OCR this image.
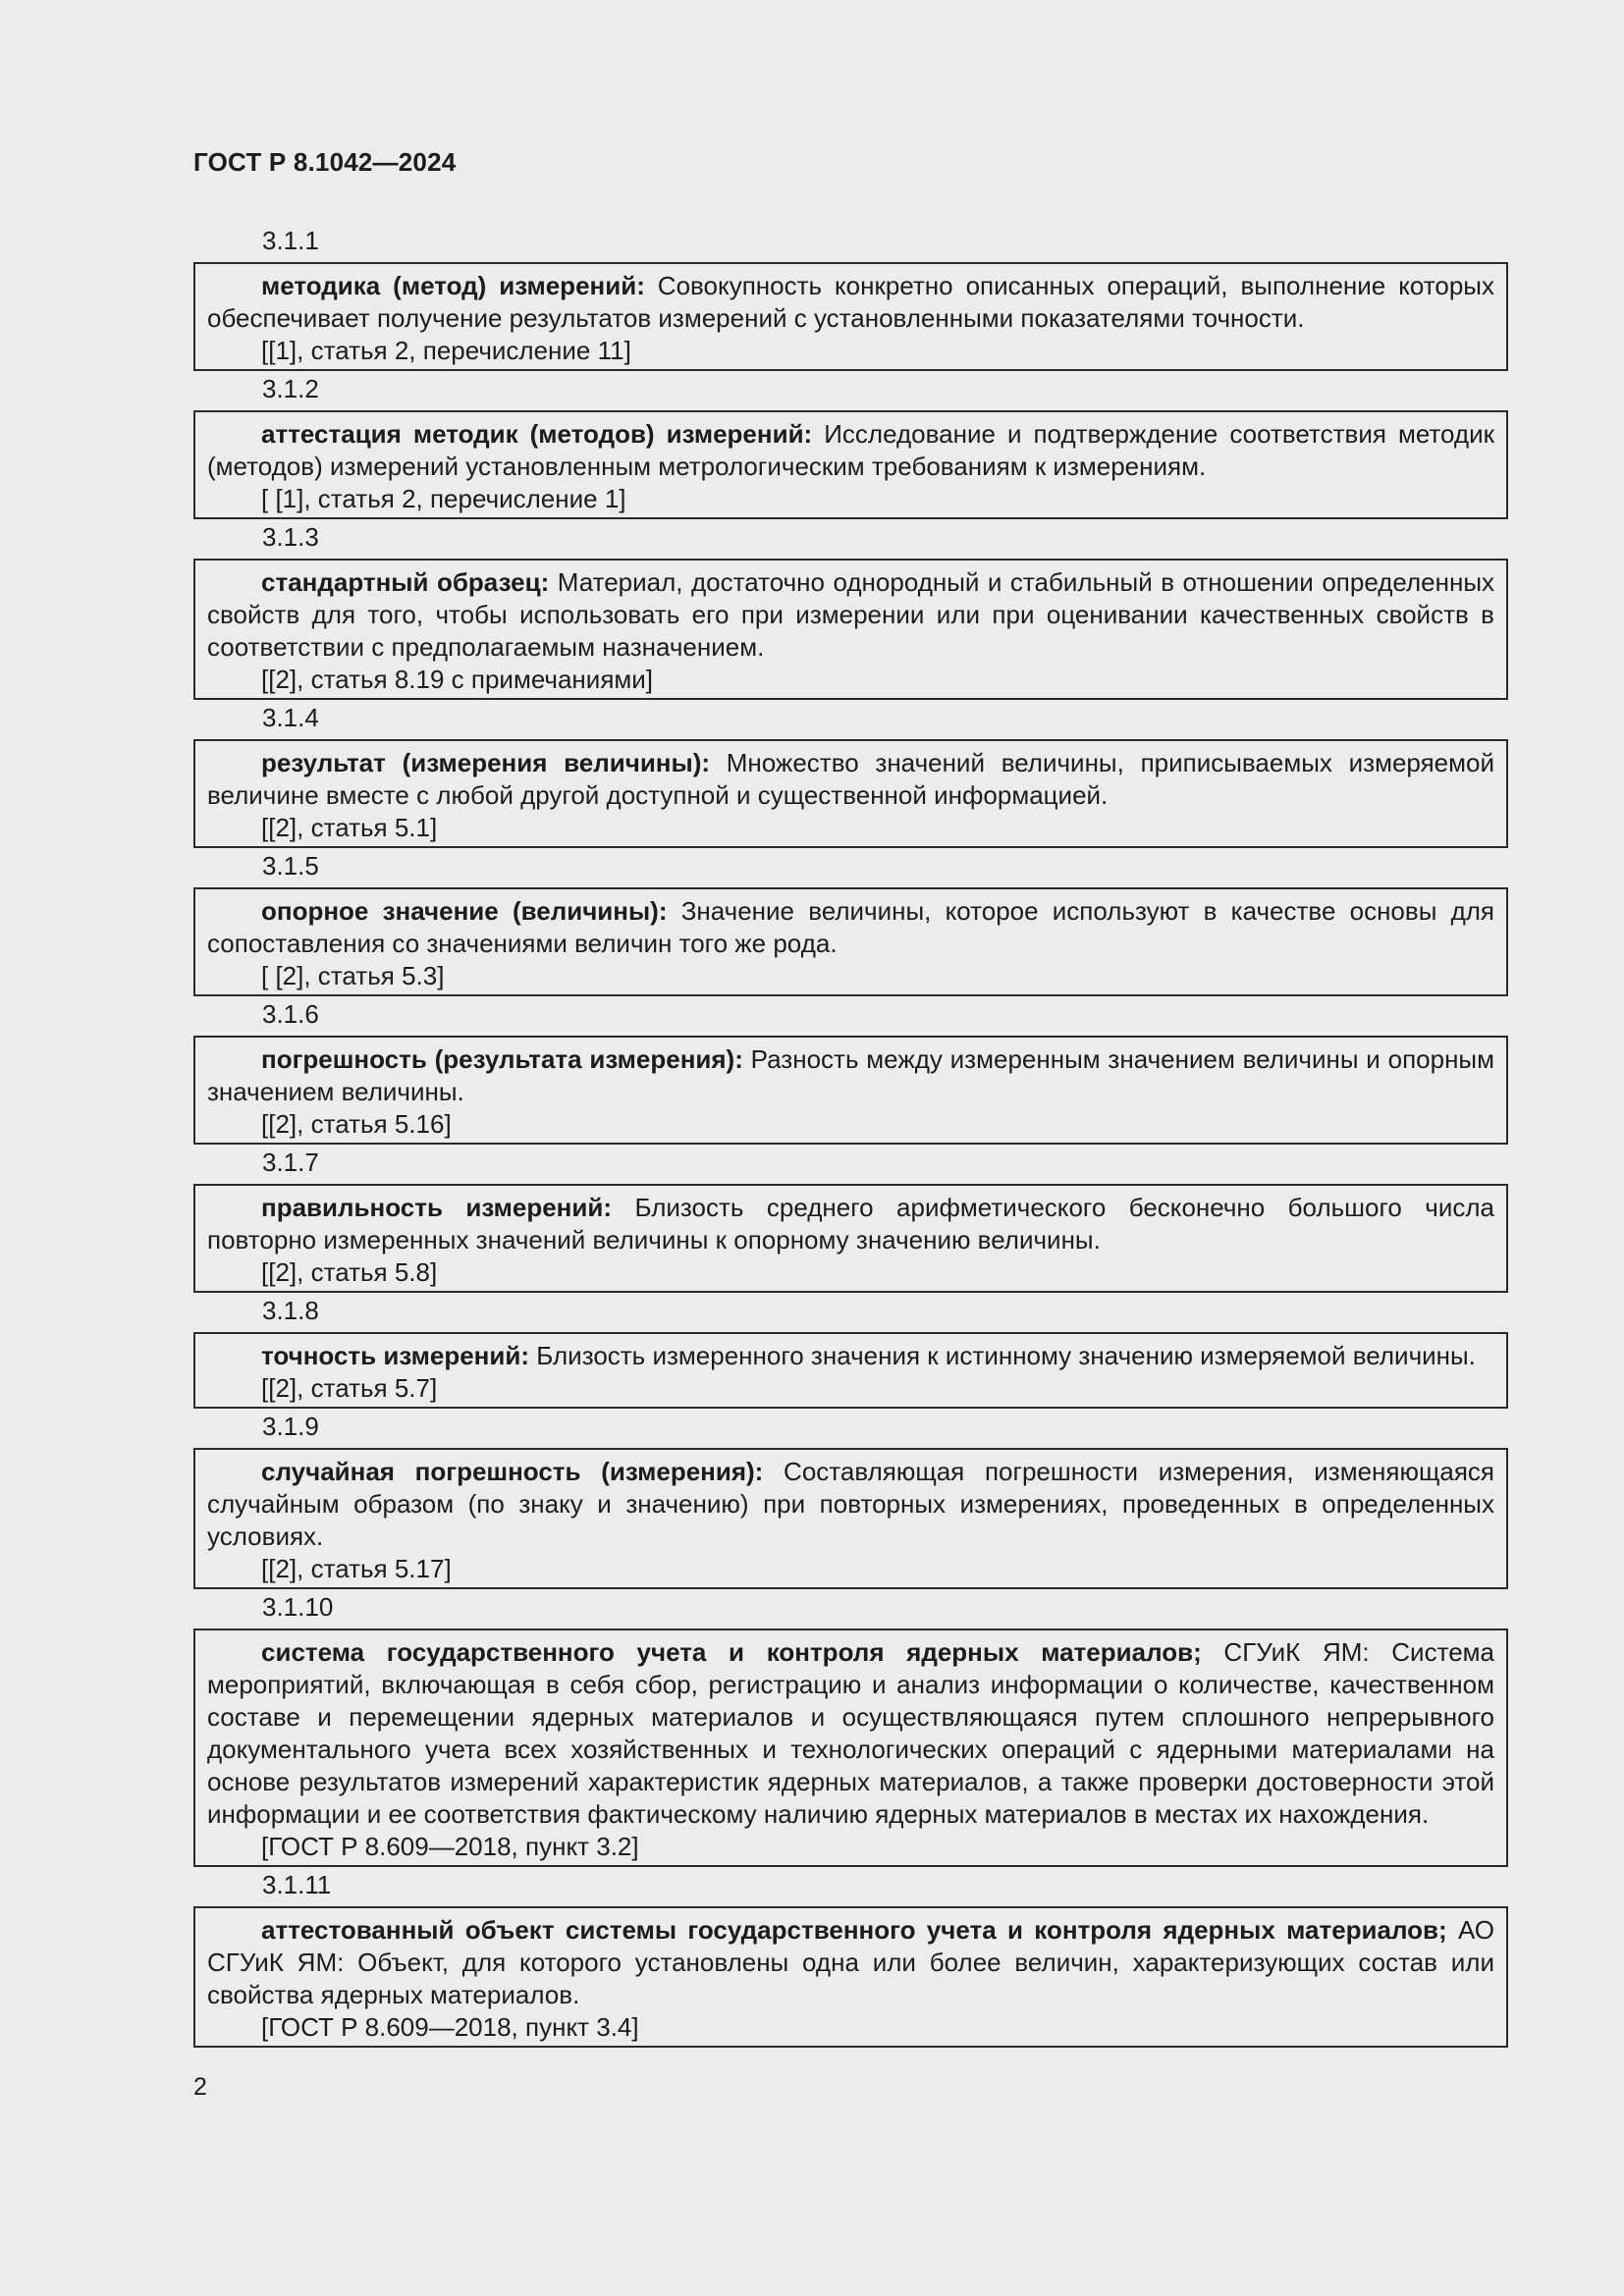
ГОСТ Р 8.1042—2024
3.1.1

методика (метод) измерений: Совокупность конкретно описанных операций, выполнение которых обеспечивает получение результатов измерений с установленными показателями точности.

[[1], статья 2, перечисление 11]

3.1.2

аттестация методик (методов) измерений: Исследование и подтверждение соответствия методик (методов) измерений установленным метрологическим требованиям к измерениям.

[ [1], статья 2, перечисление 1]

3.1.3

стандартный образец: Материал, достаточно однородный и стабильный в отношении определенных свойств для того, чтобы использовать его при измерении или при оценивании качественных свойств в соответствии с предполагаемым назначением.

[[2], статья 8.19 с примечаниями]

3.1.4

результат (измерения величины): Множество значений величины, приписываемых измеряемой величине вместе с любой другой доступной и существенной информацией.

[[2], статья 5.1]

3.1.5

опорное значение (величины): Значение величины, которое используют в качестве основы для сопоставления со значениями величин того же рода.

[ [2], статья 5.3]

3.1.6

погрешность (результата измерения): Разность между измеренным значением величины и опорным значением величины.

[[2], статья 5.16]

3.1.7

правильность измерений: Близость среднего арифметического бесконечно большого числа повторно измеренных значений величины к опорному значению величины.

[[2], статья 5.8]

3.1.8

точность измерений: Близость измеренного значения к истинному значению измеряемой величины.

[[2], статья 5.7]

3.1.9

случайная погрешность (измерения): Составляющая погрешности измерения, изменяющаяся случайным образом (по знаку и значению) при повторных измерениях, проведенных в определенных условиях.

[[2], статья 5.17]

3.1.10

система государственного учета и контроля ядерных материалов; СГУиК ЯМ: Система мероприятий, включающая в себя сбор, регистрацию и анализ информации о количестве, качественном составе и перемещении ядерных материалов и осуществляющаяся путем сплошного непрерывного документального учета всех хозяйственных и технологических операций с ядерными материалами на основе результатов измерений характеристик ядерных материалов, а также проверки достоверности этой информации и ее соответствия фактическому наличию ядерных материалов в местах их нахождения.

[ГОСТ Р 8.609—2018, пункт 3.2]

3.1.11

аттестованный объект системы государственного учета и контроля ядерных материалов; АО СГУиК ЯМ: Объект, для которого установлены одна или более величин, характеризующих состав или свойства ядерных материалов.

[ГОСТ Р 8.609—2018, пункт 3.4]

2
